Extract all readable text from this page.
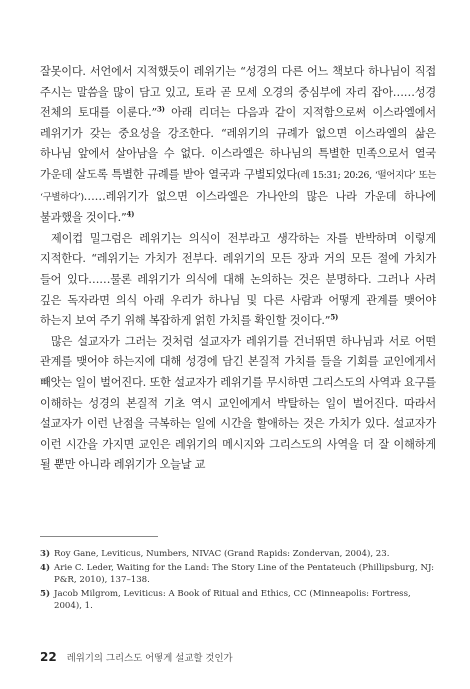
잘못이다. 서언에서 지적했듯이 레위기는 “성경의 다른 어느 책보다 하나님이 직접 주시는 말씀을 많이 담고 있고, 토라 곧 모세 오경의 중심부에 자리 잡아……성경 전체의 토대를 이룬다.”$^{3)}$ 아래 리더는 다음과 같이 지적함으로써 이스라엘에서 레위기가 갖는 중요성을 강조한다. “레위기의 규례가 없으면 이스라엘의 삶은 하나님 앞에서 살아남을 수 없다. 이스라엘은 하나님의 특별한 민족으로서 열국 가운데 살도록 특별한 규례를 받아 열국과 구별되었다(레 15:31; 20:26, ‘떨어지다’ 또는 ‘구별하다’)……레위기가 없으면 이스라엘은 가나안의 많은 나라 가운데 하나에 불과했을 것이다.”$^{4)}$

제이컵 밀그럼은 레위기는 의식이 전부라고 생각하는 자를 반박하며 이렇게 지적한다. “레위기는 가치가 전부다. 레위기의 모든 장과 거의 모든 절에 가치가 들어 있다……물론 레위기가 의식에 대해 논의하는 것은 분명하다. 그러나 사려 깊은 독자라면 의식 아래 우리가 하나님 및 다른 사람과 어떻게 관계를 맺어야 하는지 보여 주기 위해 복잡하게 얽힌 가치를 확인할 것이다.”$^{5)}$

많은 설교자가 그러는 것처럼 설교자가 레위기를 건너뛰면 하나님과 서로 어떤 관계를 맺어야 하는지에 대해 성경에 담긴 본질적 가치를 들을 기회를 교인에게서 빼앗는 일이 벌어진다. 또한 설교자가 레위기를 무시하면 그리스도의 사역과 요구를 이해하는 성경의 본질적 기초 역시 교인에게서 박탈하는 일이 벌어진다. 따라서 설교자가 이런 난점을 극복하는 일에 시간을 할애하는 것은 가치가 있다. 설교자가 이런 시간을 가지면 교인은 레위기의 메시지와 그리스도의 사역을 더 잘 이해하게 될 뿐만 아니라 레위기가 오늘날 교

3) Roy Gane, Leviticus, Numbers, NIVAC (Grand Rapids: Zondervan, 2004), 23.
4) Arie C. Leder, Waiting for the Land: The Story Line of the Pentateuch (Phillipsburg, NJ: P&R, 2010), 137–138.
5) Jacob Milgrom, Leviticus: A Book of Ritual and Ethics, CC (Minneapolis: Fortress, 2004), 1.
22 레위기의 그리스도 어떻게 설교할 것인가
